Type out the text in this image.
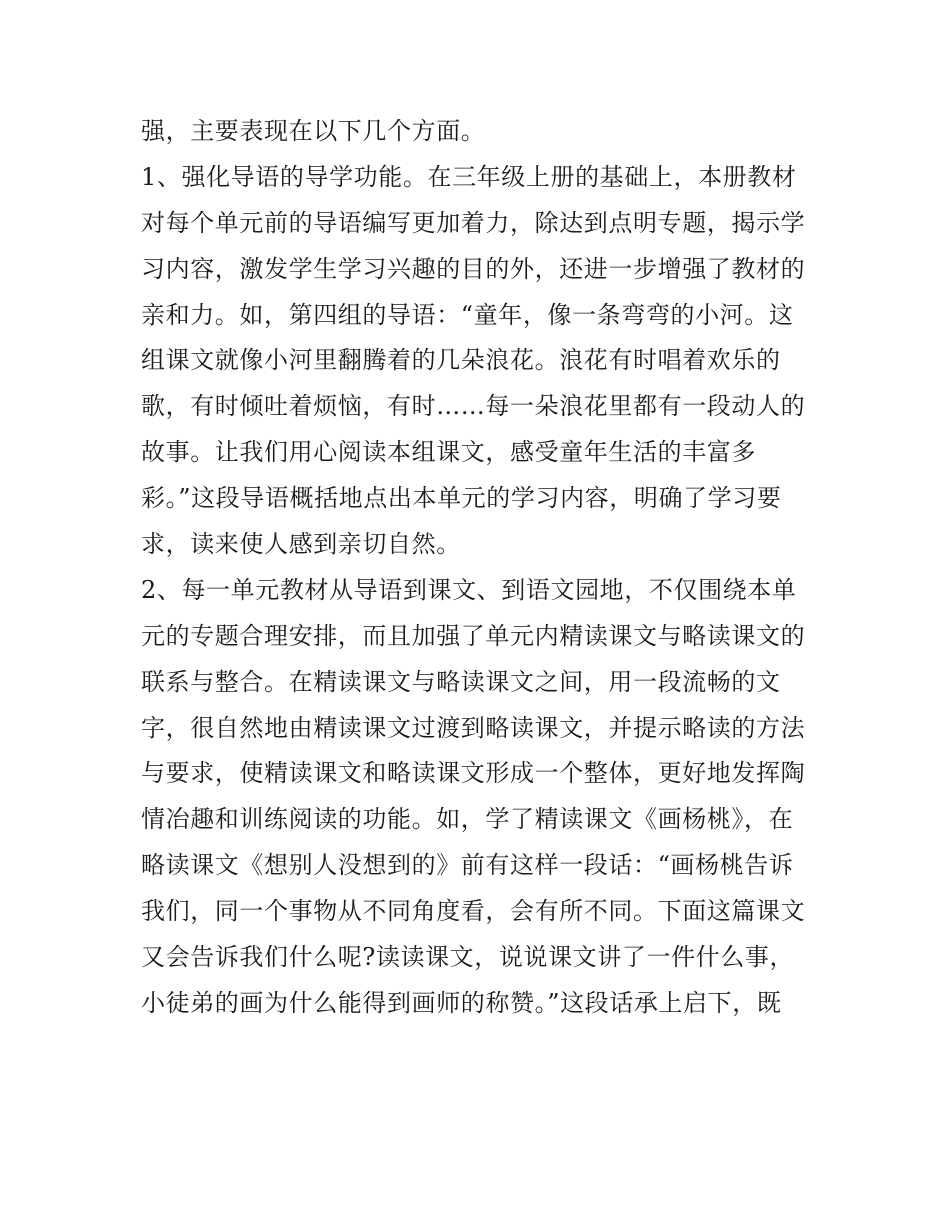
强，主要表现在以下几个方面。
1、强化导语的导学功能。在三年级上册的基础上，本册教材
对每个单元前的导语编写更加着力，除达到点明专题，揭示学
习内容，激发学生学习兴趣的目的外，还进一步增强了教材的
亲和力。如，第四组的导语：“童年，像一条弯弯的小河。这
组课文就像小河里翻腾着的几朵浪花。浪花有时唱着欢乐的
歌，有时倾吐着烦恼，有时……每一朵浪花里都有一段动人的
故事。让我们用心阅读本组课文，感受童年生活的丰富多
彩。”这段导语概括地点出本单元的学习内容，明确了学习要
求，读来使人感到亲切自然。
2、每一单元教材从导语到课文、到语文园地，不仅围绕本单
元的专题合理安排，而且加强了单元内精读课文与略读课文的
联系与整合。在精读课文与略读课文之间，用一段流畅的文
字，很自然地由精读课文过渡到略读课文，并提示略读的方法
与要求，使精读课文和略读课文形成一个整体，更好地发挥陶
情冶趣和训练阅读的功能。如，学了精读课文《画杨桃》，在
略读课文《想别人没想到的》前有这样一段话：“画杨桃告诉
我们，同一个事物从不同角度看，会有所不同。下面这篇课文
又会告诉我们什么呢?读读课文，说说课文讲了一件什么事，
小徒弟的画为什么能得到画师的称赞。”这段话承上启下，既
